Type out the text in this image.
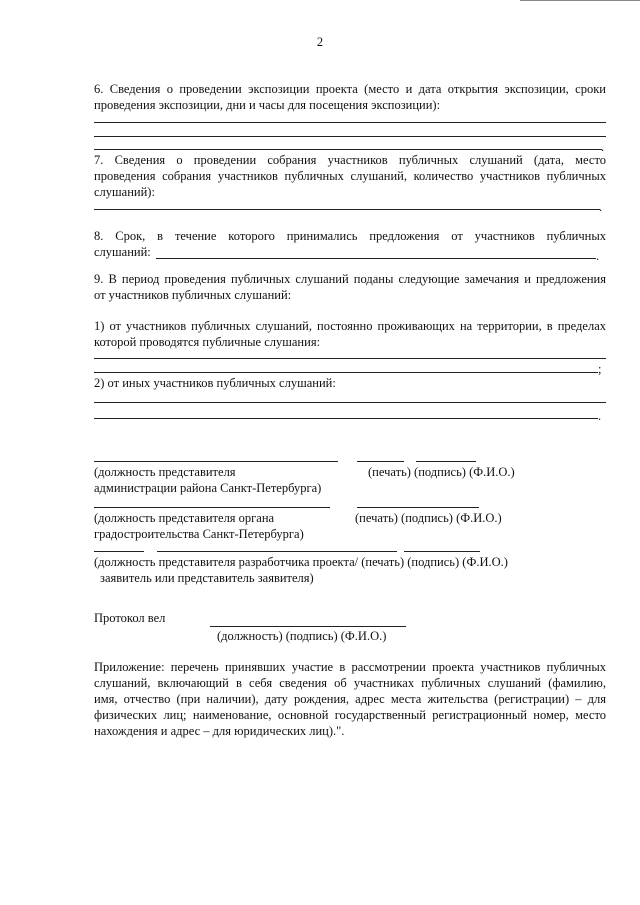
2
6. Сведения о проведении экспозиции проекта (место и дата открытия экспозиции, сроки
проведения экспозиции, дни и часы для посещения экспозиции):
.
7. Сведения о проведении собрания участников публичных слушаний (дата, место
проведения собрания участников публичных слушаний, количество участников публичных
слушаний):
.
8. Срок, в течение которого принимались предложения от участников публичных
слушаний:	.
9. В период проведения публичных слушаний поданы следующие замечания и предложения
от участников публичных слушаний:
1) от участников публичных слушаний, постоянно проживающих на территории, в пределах
которой проводятся публичные слушания:
;
2) от иных участников публичных слушаний:
.
(должность представителя	(печать) (подпись) (Ф.И.О.)
администрации района Санкт-Петербурга)
(должность представителя органа	(печать) (подпись) (Ф.И.О.)
градостроительства Санкт-Петербурга)
(должность представителя разработчика проекта/ (печать) (подпись) (Ф.И.О.)
заявитель или представитель заявителя)
Протокол вел
(должность) (подпись) (Ф.И.О.)
Приложение: перечень принявших участие в рассмотрении проекта участников публичных
слушаний, включающий в себя сведения об участниках публичных слушаний (фамилию,
имя, отчество (при наличии), дату рождения, адрес места жительства (регистрации) – для
физических лиц; наименование, основной государственный регистрационный номер, место
нахождения и адрес – для юридических лиц).".
